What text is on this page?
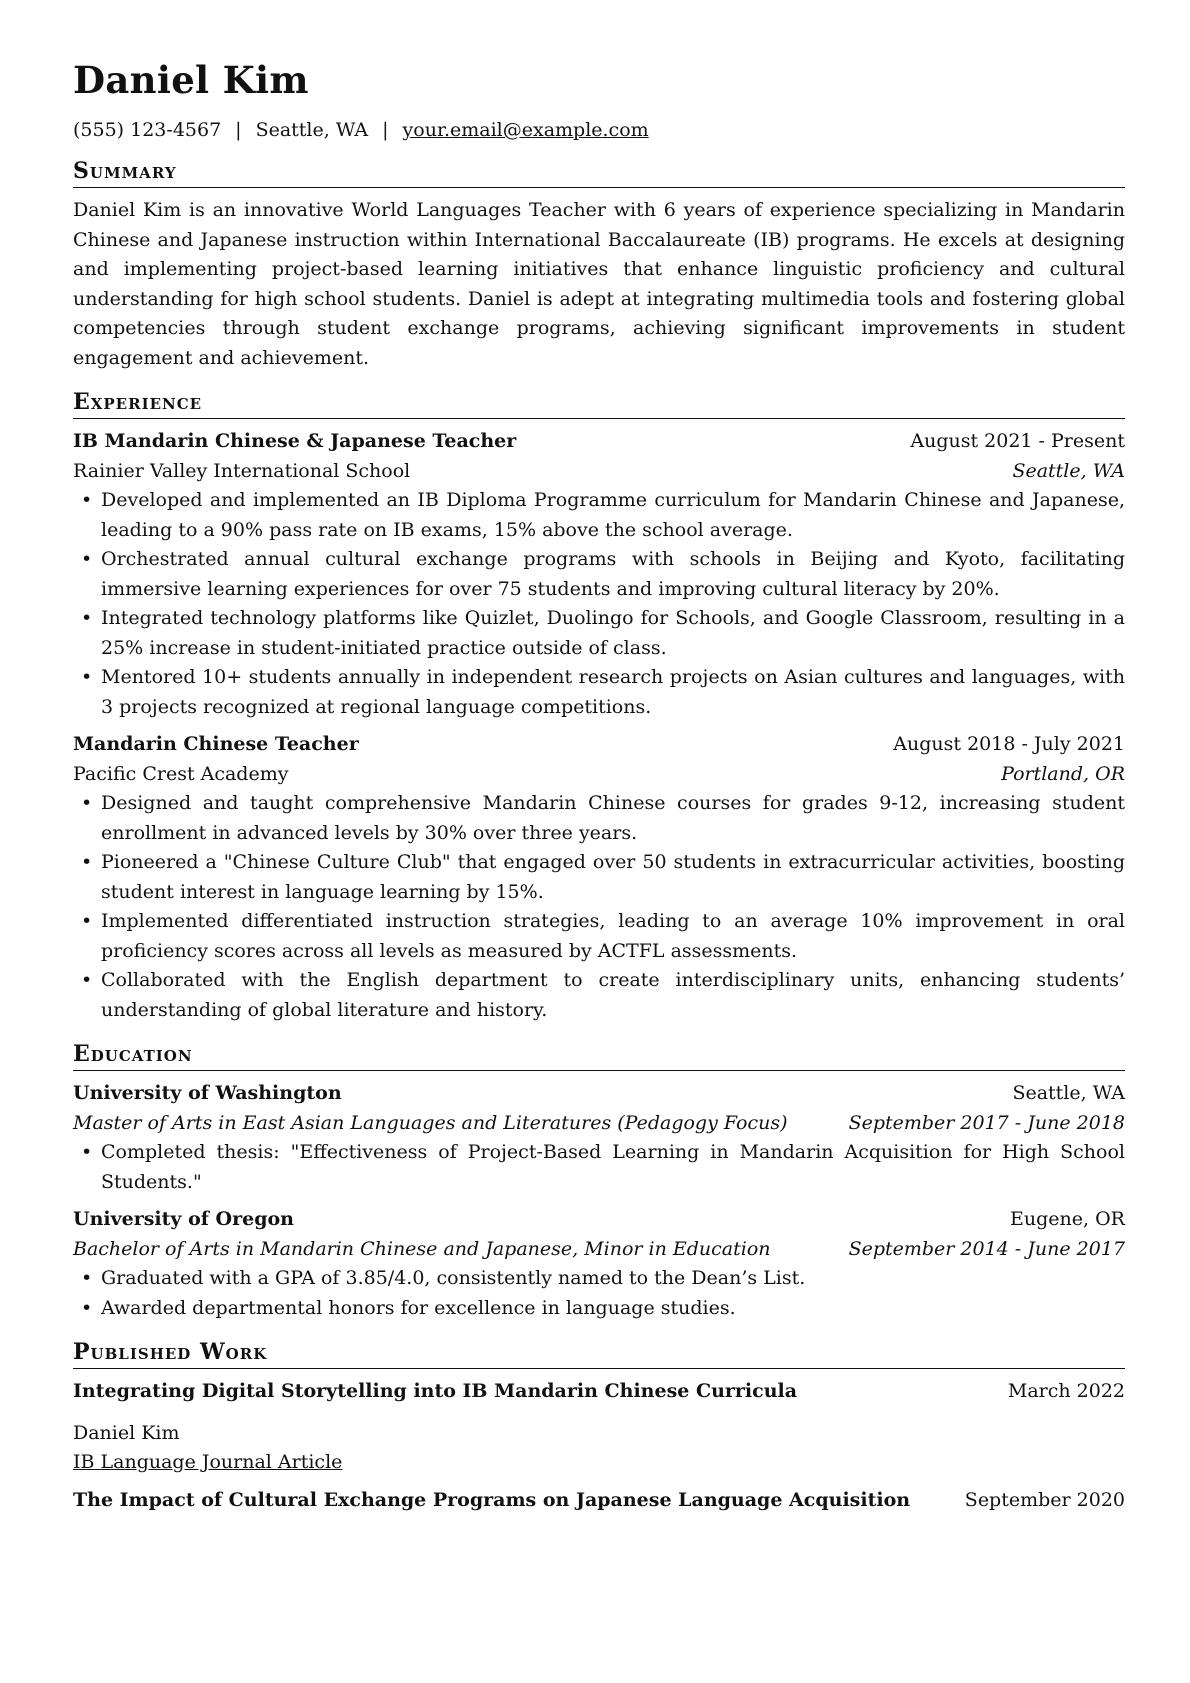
Daniel Kim
(555) 123-4567 | Seattle, WA | your.email@example.com
Summary
Daniel Kim is an innovative World Languages Teacher with 6 years of experience specializing in Mandarin Chinese and Japanese instruction within International Baccalaureate (IB) programs. He excels at designing and implementing project-based learning initiatives that enhance linguistic proficiency and cultural understanding for high school students. Daniel is adept at integrating multimedia tools and fostering global competencies through student exchange programs, achieving significant improvements in student engagement and achievement.
Experience
IB Mandarin Chinese & Japanese Teacher	August 2021 - Present
Rainier Valley International School	Seattle, WA
• Developed and implemented an IB Diploma Programme curriculum for Mandarin Chinese and Japanese, leading to a 90% pass rate on IB exams, 15% above the school average.
• Orchestrated annual cultural exchange programs with schools in Beijing and Kyoto, facilitating immersive learning experiences for over 75 students and improving cultural literacy by 20%.
• Integrated technology platforms like Quizlet, Duolingo for Schools, and Google Classroom, resulting in a 25% increase in student-initiated practice outside of class.
• Mentored 10+ students annually in independent research projects on Asian cultures and languages, with 3 projects recognized at regional language competitions.
Mandarin Chinese Teacher	August 2018 - July 2021
Pacific Crest Academy	Portland, OR
• Designed and taught comprehensive Mandarin Chinese courses for grades 9-12, increasing student enrollment in advanced levels by 30% over three years.
• Pioneered a "Chinese Culture Club" that engaged over 50 students in extracurricular activities, boosting student interest in language learning by 15%.
• Implemented differentiated instruction strategies, leading to an average 10% improvement in oral proficiency scores across all levels as measured by ACTFL assessments.
• Collaborated with the English department to create interdisciplinary units, enhancing students’ understanding of global literature and history.
Education
University of Washington	Seattle, WA
Master of Arts in East Asian Languages and Literatures (Pedagogy Focus)	September 2017 - June 2018
• Completed thesis: "Effectiveness of Project-Based Learning in Mandarin Acquisition for High School Students."
University of Oregon	Eugene, OR
Bachelor of Arts in Mandarin Chinese and Japanese, Minor in Education	September 2014 - June 2017
• Graduated with a GPA of 3.85/4.0, consistently named to the Dean’s List.
• Awarded departmental honors for excellence in language studies.
Published Work
Integrating Digital Storytelling into IB Mandarin Chinese Curricula	March 2022
Daniel Kim
IB Language Journal Article
The Impact of Cultural Exchange Programs on Japanese Language Acquisition	September 2020
